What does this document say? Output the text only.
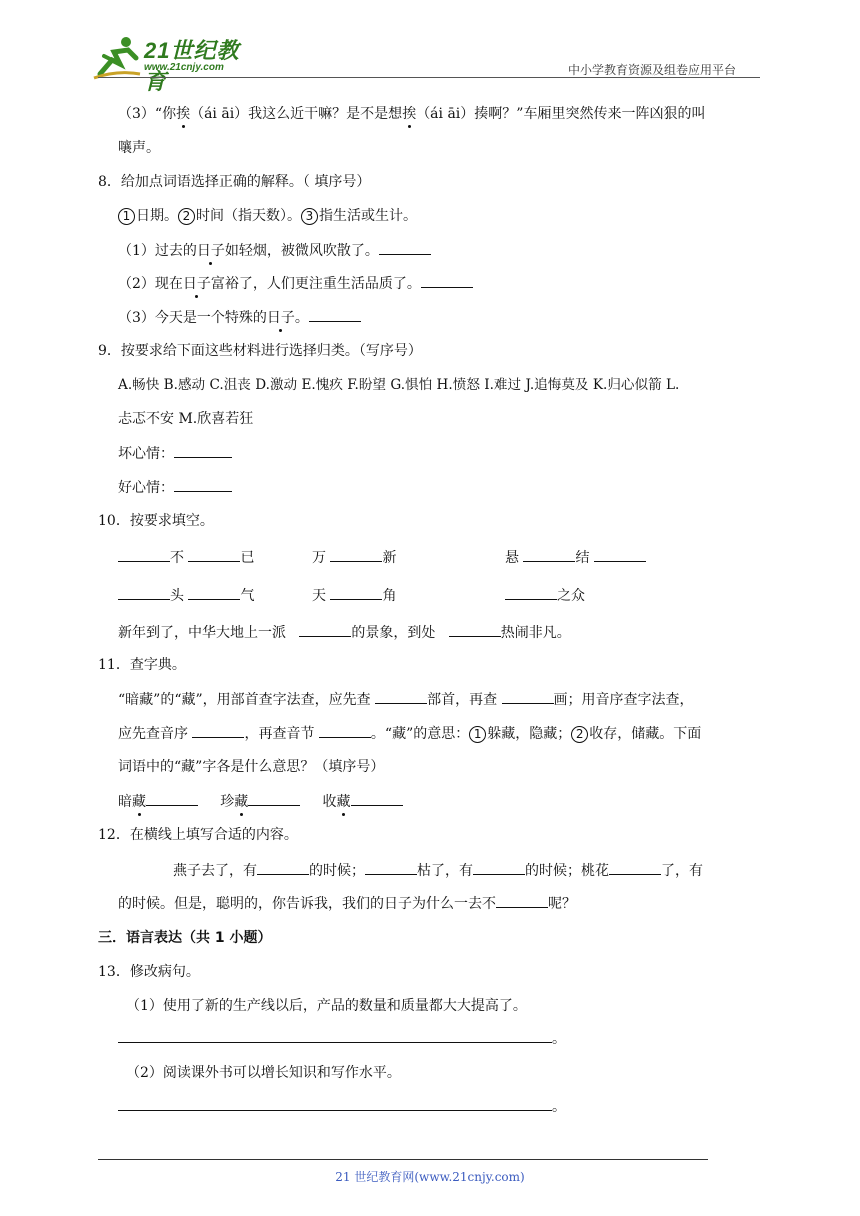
21世纪教育
www.21cnjy.com	中小学教育资源及组卷应用平台
（3）“你挨（ái āi）我这么近干嘛？是不是想挨（ái āi）揍啊？”车厢里突然传来一阵凶狠的叫
嚷声。
8．给加点词语选择正确的解释。（ 填序号）
1 日期。 2 时间（指天数）。 3 指生活或生计。
（1）过去的日子如轻烟，被微风吹散了。
（2）现在日子富裕了，人们更注重生活品质了。
（3）今天是一个特殊的日子。
9．按要求给下面这些材料进行选择归类。（写序号）
A.畅快 B.感动 C.沮丧 D.激动 E.愧疚 F.盼望 G.惧怕 H.愤怒 I.难过 J.追悔莫及 K.归心似箭 L.
忐忑不安 M.欣喜若狂
坏心情：
好心情：
10．按要求填空。
不	已	万	新	悬	结
头	气	天	角	之众
新年到了，中华大地上一派	的景象，到处	热闹非凡。
11．查字典。
“暗藏”的“藏”，用部首查字法查，应先查	部首，再查	画；用音序查字法查，
应先查音序	，再查音节	。“藏”的意思： 1 躲藏，隐藏； 2 收存，储藏。下面
词语中的“藏”字各是什么意思？（填序号）
暗藏	珍藏	收藏
12．在横线上填写合适的内容。
燕子去了，有	的时候；	枯了，有	的时候；桃花	了，有
的时候。但是，聪明的，你告诉我，我们的日子为什么一去不	呢？
三．语言表达（共 1 小题）
13．修改病句。
（1）使用了新的生产线以后，产品的数量和质量都大大提高了。
。
（2）阅读课外书可以增长知识和写作水平。
。
21 世纪教育网(www.21cnjy.com)
